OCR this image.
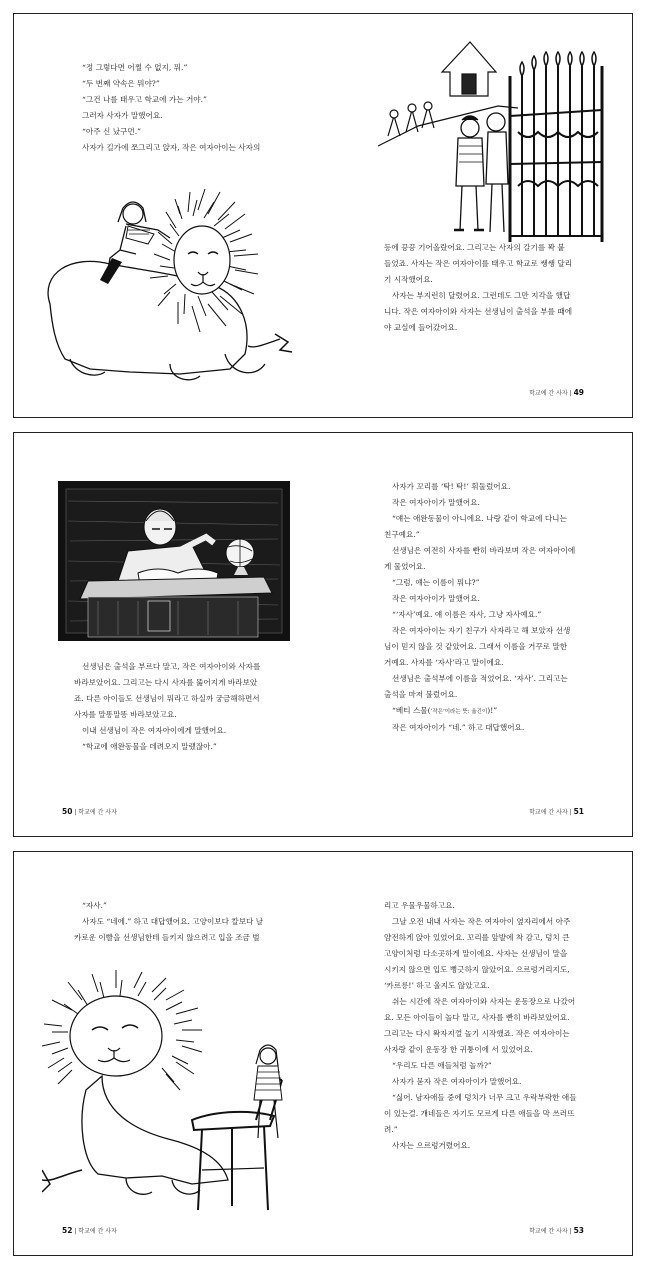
“정 그렇다면 어쩔 수 없지, 뭐.”

“두 번째 약속은 뭐야?”

“그건 나를 태우고 학교에 가는 거야.”

그러자 사자가 말했어요.

“아주 신 났구먼.”

사자가 길가에 쪼그리고 앉자, 작은 여자아이는 사자의

등에 끙끙 기어올랐어요. 그리고는 사자의 갈기를 꽉 붙

들었죠. 사자는 작은 여자아이를 태우고 학교로 쌩쌩 달리

기 시작했어요.

사자는 부지런히 달렸어요. 그런데도 그만 지각을 했답

니다. 작은 여자아이와 사자는 선생님이 출석을 부를 때에

야 교실에 들어갔어요.

학교에 간 사자 | 49

선생님은 출석을 부르다 말고, 작은 여자아이와 사자를

바라보았어요. 그리고는 다시 사자를 뚫어지게 바라보았

죠. 다른 아이들도 선생님이 뭐라고 하실까 궁금해하면서

사자를 말똥말똥 바라보았고요.

이내 선생님이 작은 여자아이에게 말했어요.

“학교에 애완동물을 데려오지 말랬잖아.”

사자가 꼬리를 ‘탁! 탁!’ 휘둘렀어요.

작은 여자아이가 말했어요.

“얘는 애완동물이 아니에요. 나랑 같이 학교에 다니는

친구예요.”

선생님은 여전히 사자를 빤히 바라보며 작은 여자아이에

게 물었어요.

“그럼, 얘는 이름이 뭐냐?”

작은 여자아이가 말했어요.

“‘자사’예요. 얘 이름은 자사, 그냥 자사예요.”

작은 여자아이는 자기 친구가 사자라고 해 보았자 선생

님이 믿지 않을 것 같았어요. 그래서 이름을 거꾸로 말한

거예요. 사자를 ‘자사’라고 말이에요.

선생님은 출석부에 이름을 적었어요. ‘자사’. 그리고는

출석을 마저 불렀어요.

“베티 스물(‘작은’이라는 뜻: 옮긴이)!”

작은 여자아이가 “네.” 하고 대답했어요.

50 | 학교에 간 사자	학교에 간 사자 | 51

“자사.”

사자도 “네에.” 하고 대답했어요. 고양이보다 칼보다 날

카로운 이빨을 선생님한테 들키지 않으려고 입을 조금 벌

리고 우물우물하고요.

그날 오전 내내 사자는 작은 여자아이 옆자리에서 아주

얌전하게 앉아 있었어요. 꼬리를 앞발에 착 감고, 덩치 큰

고양이처럼 다소곳하게 말이에요. 사자는 선생님이 말을

시키지 않으면 입도 뻥긋하지 않았어요. 으르렁거리지도,

‘카르릉!’ 하고 울지도 않았고요.

쉬는 시간에 작은 여자아이와 사자는 운동장으로 나갔어

요. 모든 아이들이 놀다 말고, 사자를 빤히 바라보았어요.

그리고는 다시 왁자지껄 놀기 시작했죠. 작은 여자아이는

사자랑 같이 운동장 한 귀퉁이에 서 있었어요.

“우리도 다른 애들처럼 놀까?”

사자가 묻자 작은 여자아이가 말했어요.

“싫어. 남자애들 중에 덩치가 너무 크고 우락부락한 애들

이 있는걸. 걔네들은 자기도 모르게 다른 애들을 막 쓰러뜨

려.”

사자는 으르렁거렸어요.

52 | 학교에 간 사자	학교에 간 사자 | 53
